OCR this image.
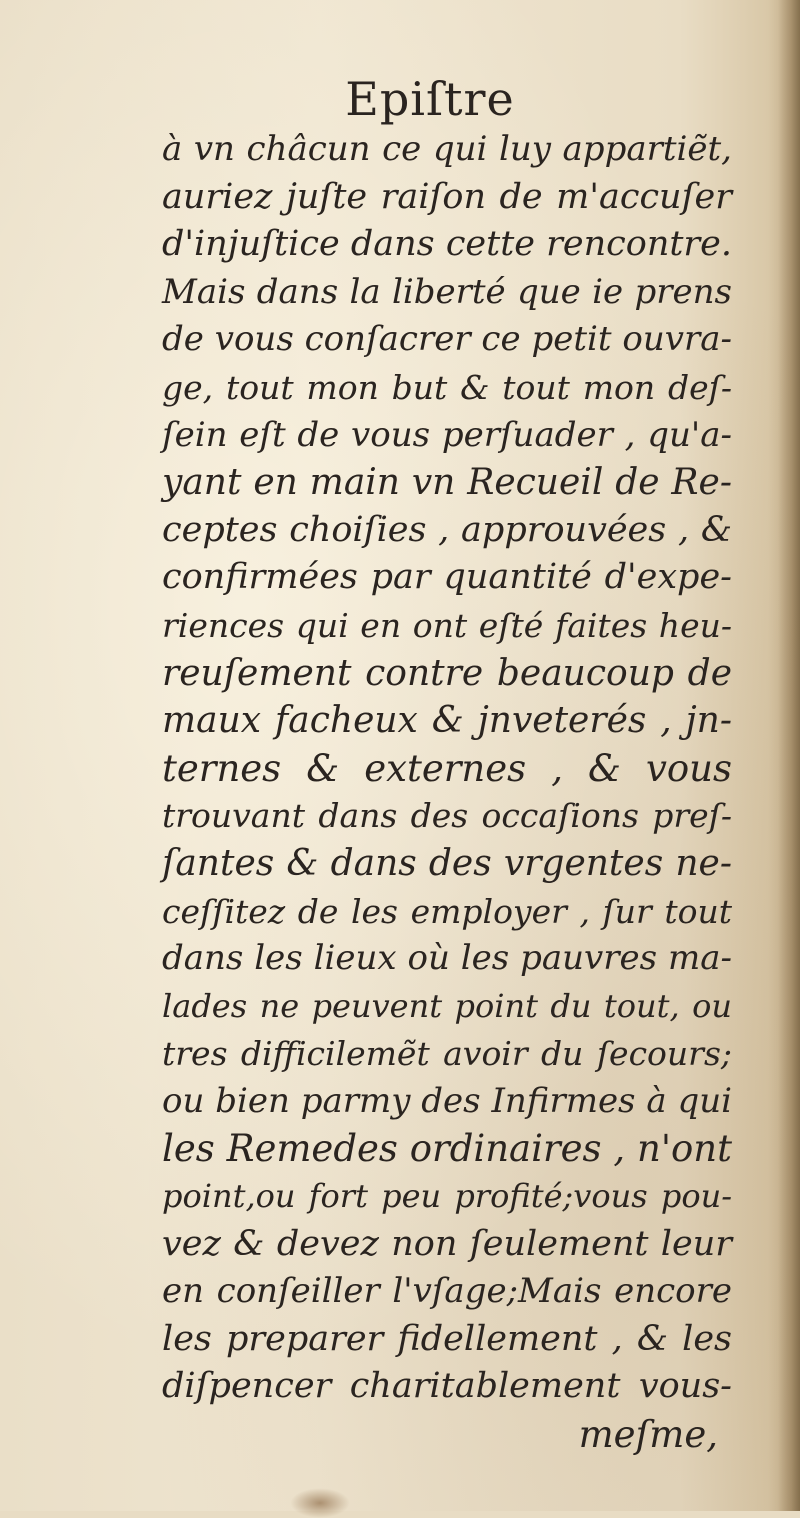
Epiſtre
à vn châcun ce qui luy appartiẽt,
auriez juſte raiſon de m'accuſer
d'injuſtice dans cette rencontre.
Mais dans la liberté que ie prens
de vous conſacrer ce petit ouvra-
ge, tout mon but & tout mon deſ-
ſein eſt de vous perſuader , qu'a-
yant en main vn Recueil de Re-
ceptes choiſies , approuvées , &
confirmées par quantité d'expe-
riences qui en ont eſté faites heu-
reuſement contre beaucoup de
maux facheux & jnveterés , jn-
ternes & externes , & vous
trouvant dans des occaſions preſ-
ſantes & dans des vrgentes ne-
ceſſitez de les employer , ſur tout
dans les lieux où les pauvres ma-
lades ne peuvent point du tout, ou
tres difficilemẽt avoir du ſecours;
ou bien parmy des Infirmes à qui
les Remedes ordinaires , n'ont
point,ou fort peu profité;vous pou-
vez & devez non ſeulement leur
en conſeiller l'vſage;Mais encore
les preparer fidellement , & les
diſpencer charitablement vous-
meſme,
